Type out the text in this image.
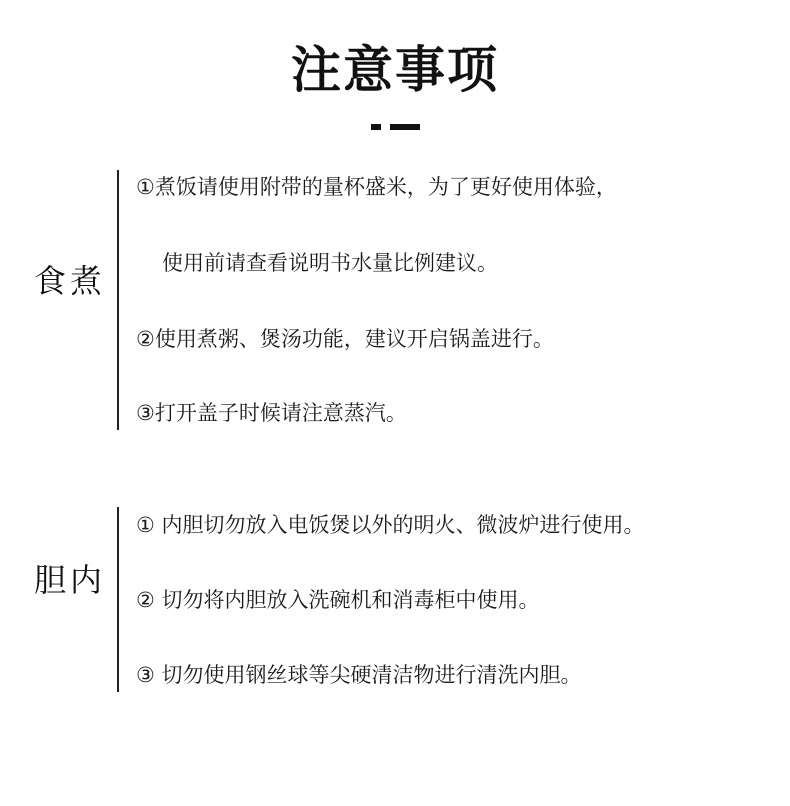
注意事项
煮食
①煮饭请使用附带的量杯盛米，为了更好使用体验，
使用前请查看说明书水量比例建议。
②使用煮粥、煲汤功能，建议开启锅盖进行。
③打开盖子时候请注意蒸汽。
内胆
① 内胆切勿放入电饭煲以外的明火、微波炉进行使用。
② 切勿将内胆放入洗碗机和消毒柜中使用。
③ 切勿使用钢丝球等尖硬清洁物进行清洗内胆。
